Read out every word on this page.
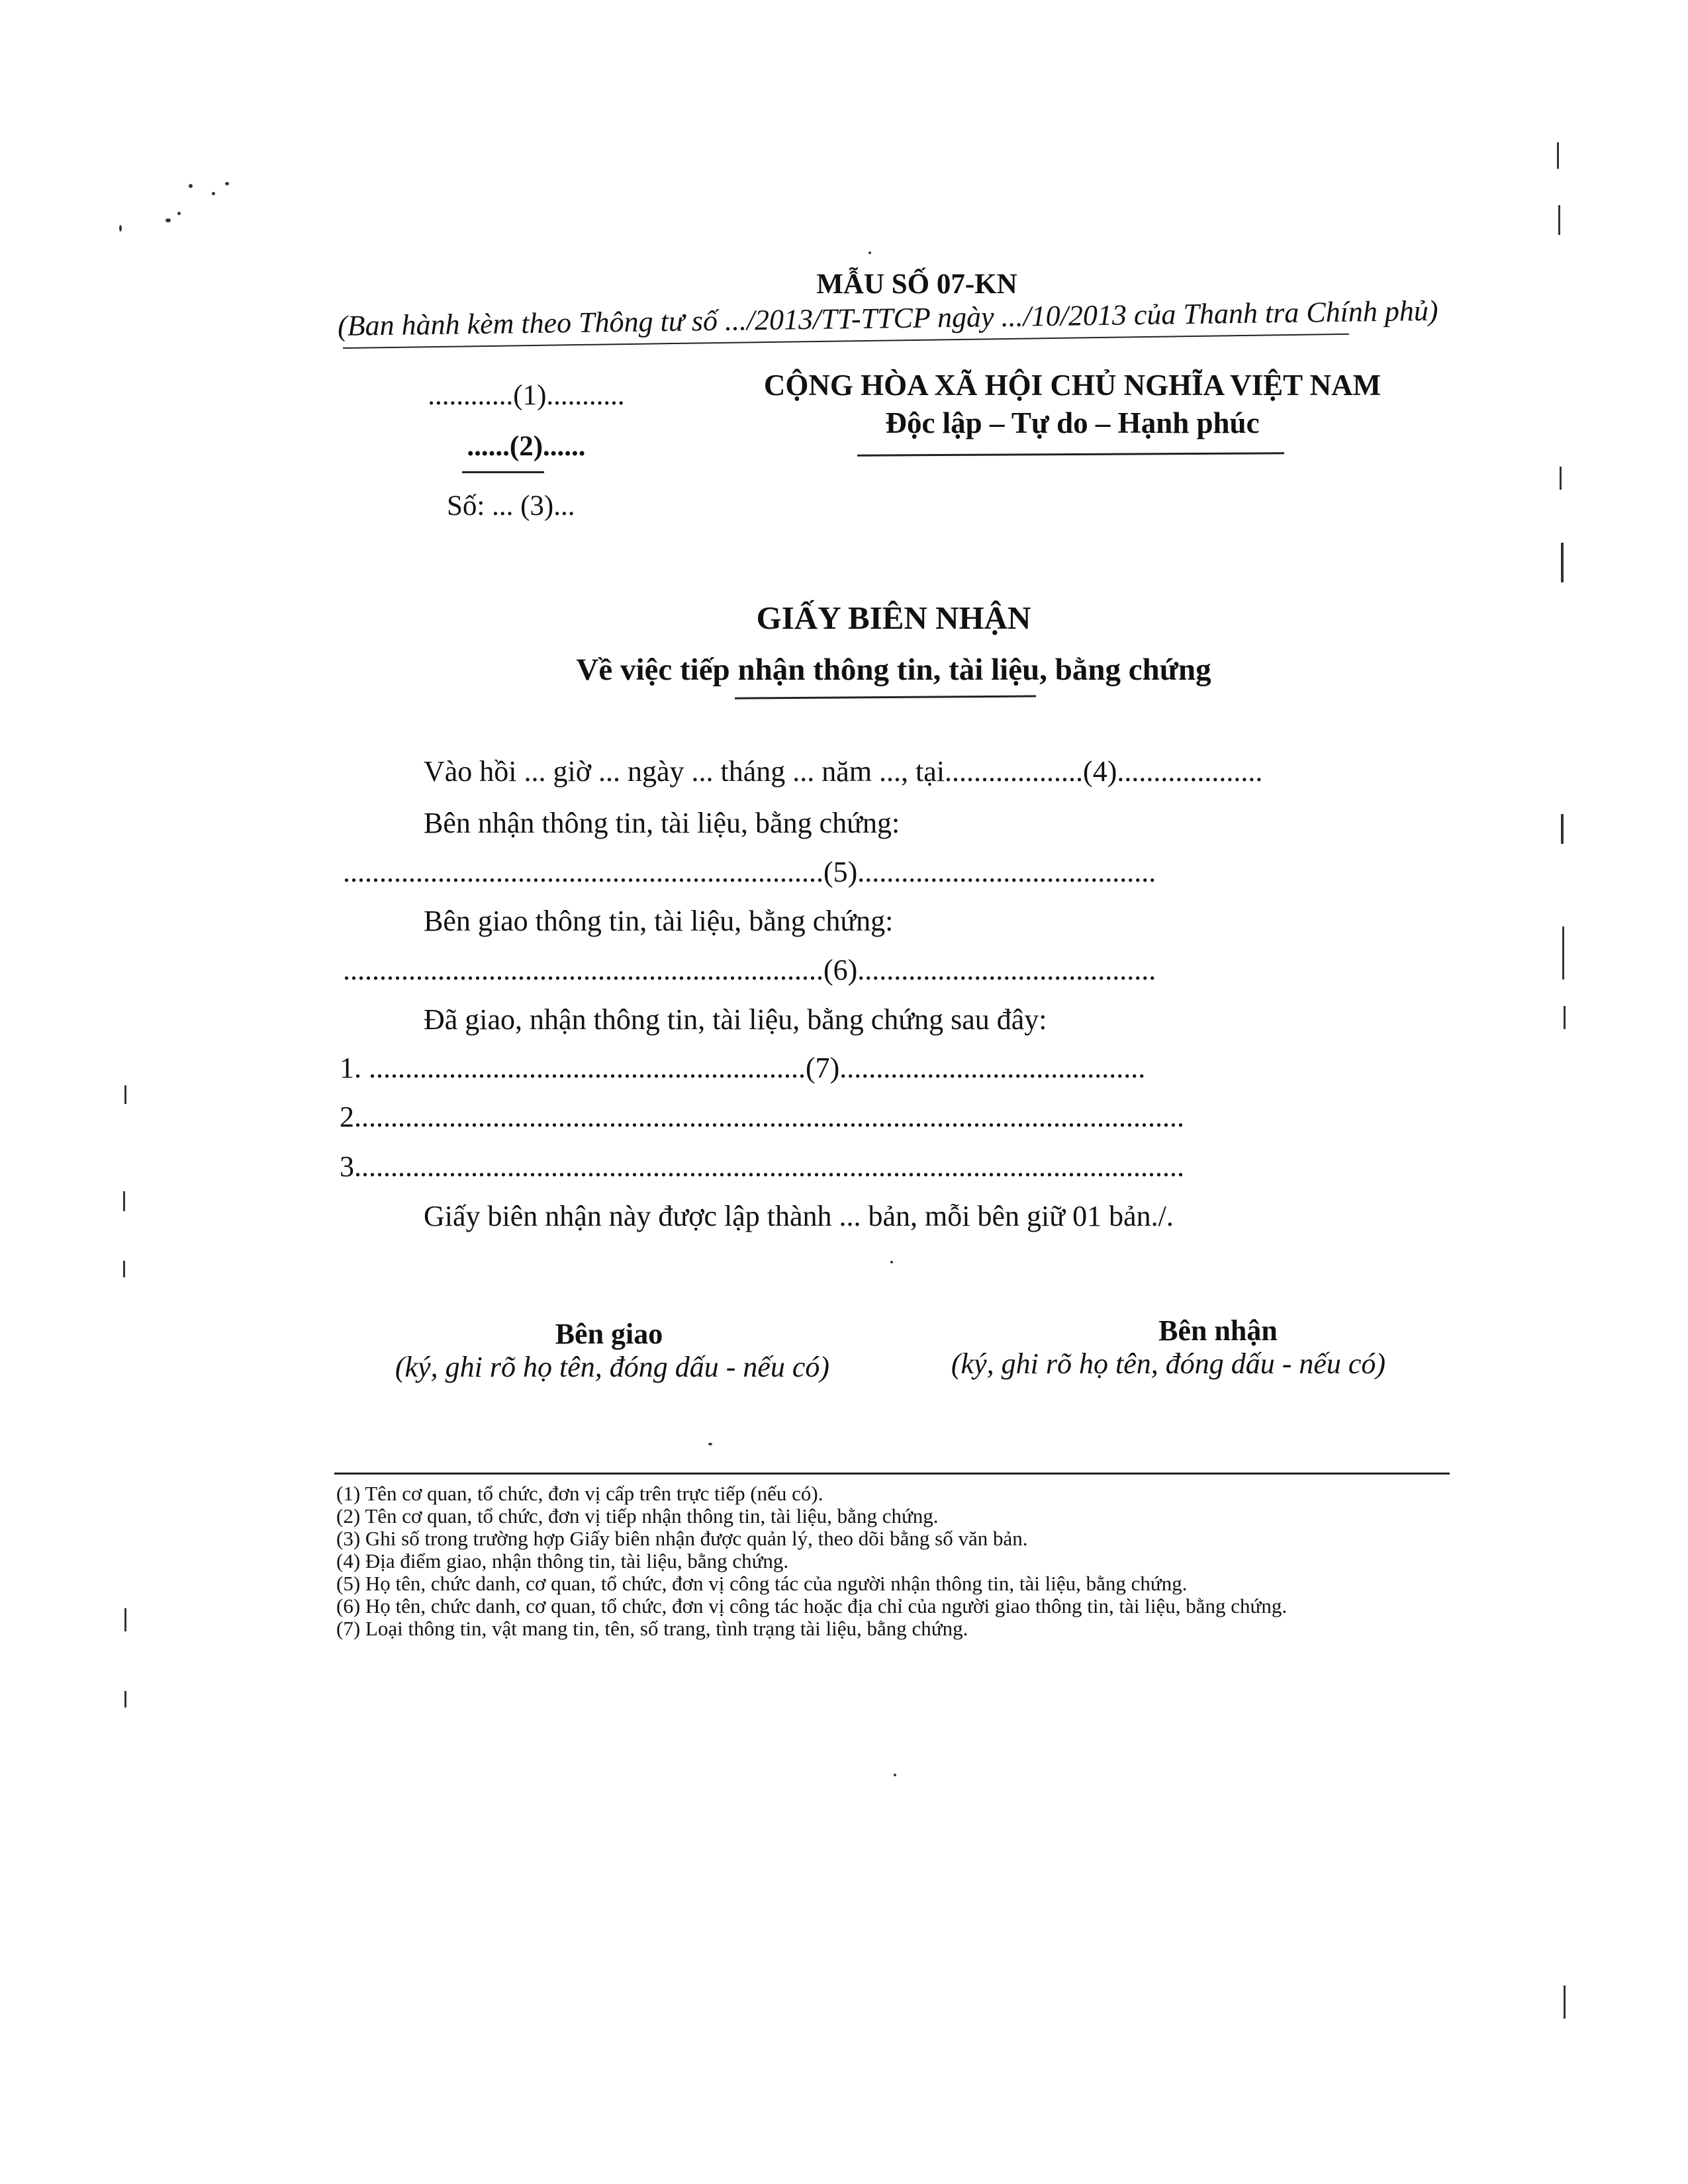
MẪU SỐ 07-KN
(Ban hành kèm theo Thông tư số .../2013/TT-TTCP ngày .../10/2013 của Thanh tra Chính phủ)
............(1)...........
......(2)......
Số: ... (3)...
CỘNG HÒA XÃ HỘI CHỦ NGHĨA VIỆT NAM
Độc lập – Tự do – Hạnh phúc
GIẤY BIÊN NHẬN
Về việc tiếp nhận thông tin, tài liệu, bằng chứng
Vào hồi ... giờ ... ngày ... tháng ... năm ..., tại...................(4)....................
Bên nhận thông tin, tài liệu, bằng chứng:
..................................................................(5).........................................
Bên giao thông tin, tài liệu, bằng chứng:
..................................................................(6).........................................
Đã giao, nhận thông tin, tài liệu, bằng chứng sau đây:
1. ............................................................(7)..........................................
2..................................................................................................................
3..................................................................................................................
Giấy biên nhận này được lập thành ... bản, mỗi bên giữ 01 bản./.
Bên giao
(ký, ghi rõ họ tên, đóng dấu - nếu có)
Bên nhận
(ký, ghi rõ họ tên, đóng dấu - nếu có)

(1) Tên cơ quan, tổ chức, đơn vị cấp trên trực tiếp (nếu có).

(2) Tên cơ quan, tổ chức, đơn vị tiếp nhận thông tin, tài liệu, bằng chứng.

(3) Ghi số trong trường hợp Giấy biên nhận được quản lý, theo dõi bằng số văn bản.

(4) Địa điểm giao, nhận thông tin, tài liệu, bằng chứng.

(5) Họ tên, chức danh, cơ quan, tổ chức, đơn vị công tác của người nhận thông tin, tài liệu, bằng chứng.

(6) Họ tên, chức danh, cơ quan, tổ chức, đơn vị công tác hoặc địa chỉ của người giao thông tin, tài liệu, bằng chứng.

(7) Loại thông tin, vật mang tin, tên, số trang, tình trạng tài liệu, bằng chứng.
